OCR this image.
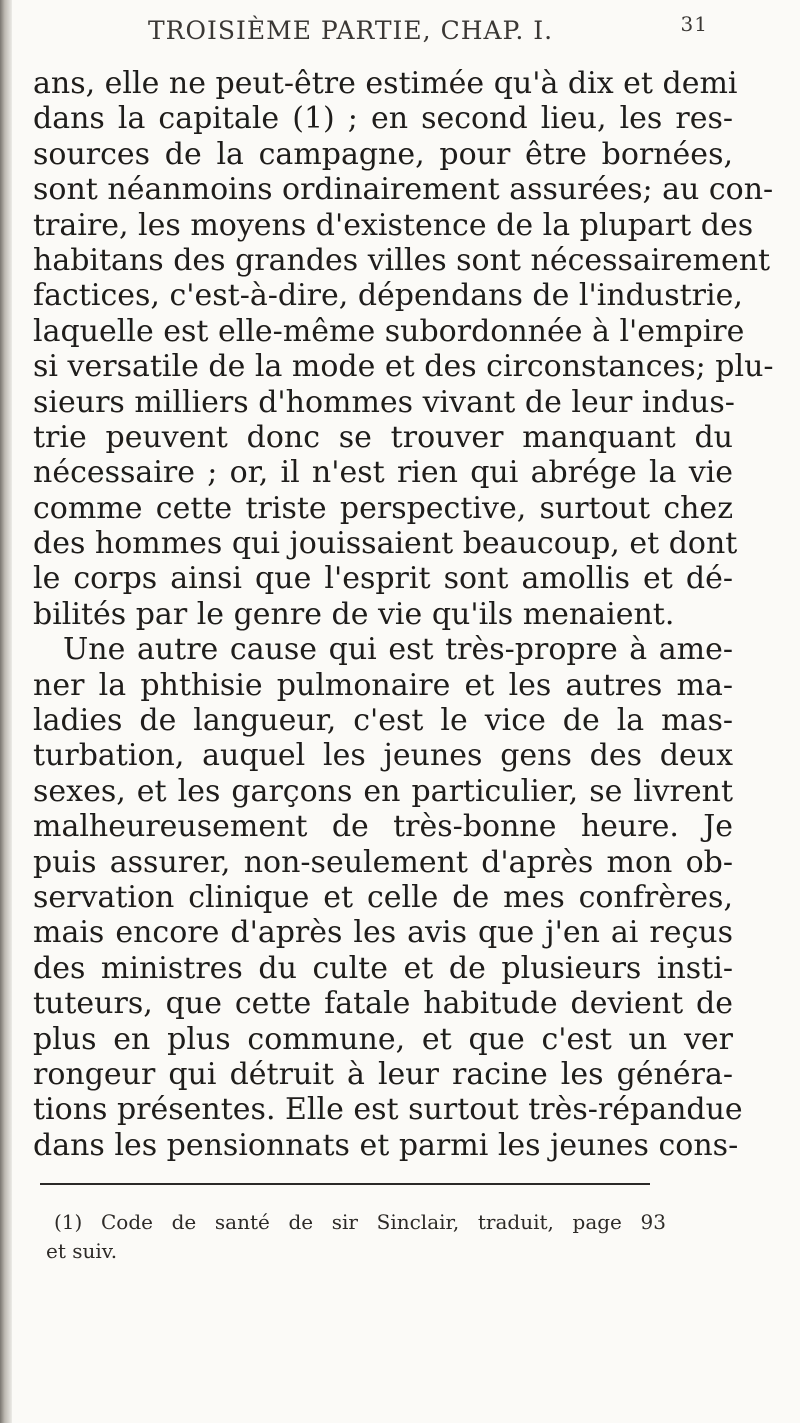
TROISIÈME PARTIE, CHAP. I.	31
ans, elle ne peut-être estimée qu'à dix et demi
dans la capitale (1) ; en second lieu, les res-
sources de la campagne, pour être bornées,
sont néanmoins ordinairement assurées; au con-
traire, les moyens d'existence de la plupart des
habitans des grandes villes sont nécessairement
factices, c'est-à-dire, dépendans de l'industrie,
laquelle est elle-même subordonnée à l'empire
si versatile de la mode et des circonstances; plu-
sieurs milliers d'hommes vivant de leur indus-
trie peuvent donc se trouver manquant du
nécessaire ; or, il n'est rien qui abrége la vie
comme cette triste perspective, surtout chez
des hommes qui jouissaient beaucoup, et dont
le corps ainsi que l'esprit sont amollis et dé-
bilités par le genre de vie qu'ils menaient.
Une autre cause qui est très-propre à ame-
ner la phthisie pulmonaire et les autres ma-
ladies de langueur, c'est le vice de la mas-
turbation, auquel les jeunes gens des deux
sexes, et les garçons en particulier, se livrent
malheureusement de très-bonne heure. Je
puis assurer, non-seulement d'après mon ob-
servation clinique et celle de mes confrères,
mais encore d'après les avis que j'en ai reçus
des ministres du culte et de plusieurs insti-
tuteurs, que cette fatale habitude devient de
plus en plus commune, et que c'est un ver
rongeur qui détruit à leur racine les généra-
tions présentes. Elle est surtout très-répandue
dans les pensionnats et parmi les jeunes cons-
(1) Code de santé de sir Sinclair, traduit, page 93
et suiv.
